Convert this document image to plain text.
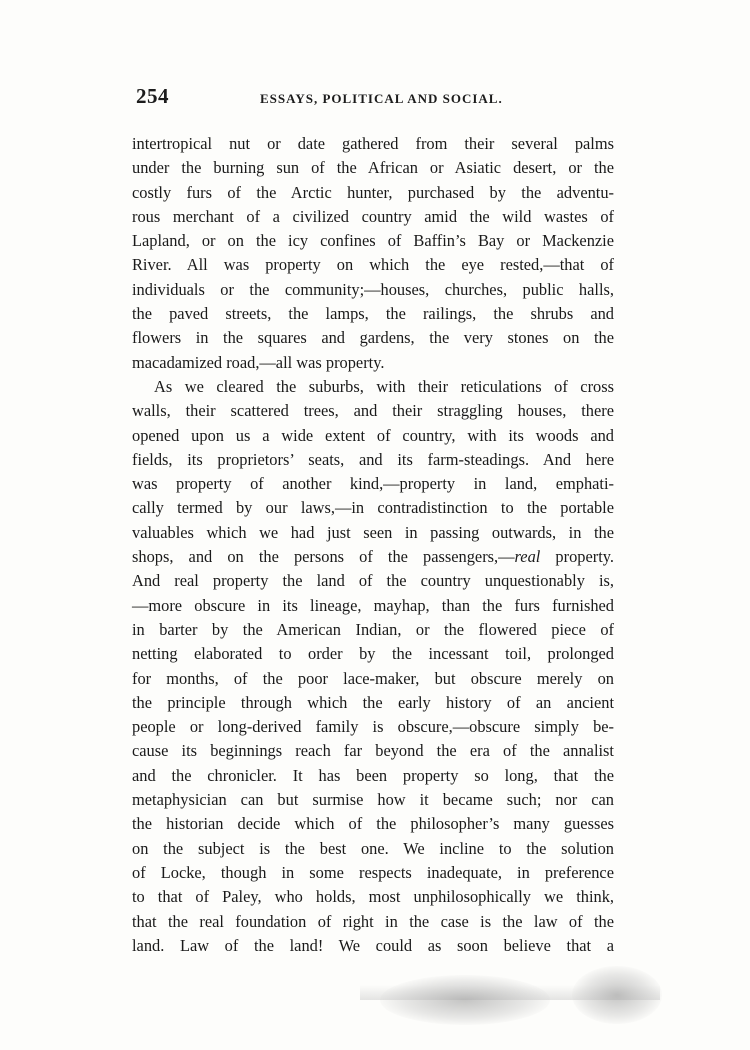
254	ESSAYS, POLITICAL AND SOCIAL.
intertropical nut or date gathered from their several palms
under the burning sun of the African or Asiatic desert, or the
costly furs of the Arctic hunter, purchased by the adventu-
rous merchant of a civilized country amid the wild wastes of
Lapland, or on the icy confines of Baffin’s Bay or Mackenzie
River. All was property on which the eye rested,—that of
individuals or the community;—houses, churches, public halls,
the paved streets, the lamps, the railings, the shrubs and
flowers in the squares and gardens, the very stones on the
macadamized road,—all was property.
As we cleared the suburbs, with their reticulations of cross
walls, their scattered trees, and their straggling houses, there
opened upon us a wide extent of country, with its woods and
fields, its proprietors’ seats, and its farm-steadings. And here
was property of another kind,—property in land, emphati-
cally termed by our laws,—in contradistinction to the portable
valuables which we had just seen in passing outwards, in the
shops, and on the persons of the passengers,—real property.
And real property the land of the country unquestionably is,
—more obscure in its lineage, mayhap, than the furs furnished
in barter by the American Indian, or the flowered piece of
netting elaborated to order by the incessant toil, prolonged
for months, of the poor lace-maker, but obscure merely on
the principle through which the early history of an ancient
people or long-derived family is obscure,—obscure simply be-
cause its beginnings reach far beyond the era of the annalist
and the chronicler. It has been property so long, that the
metaphysician can but surmise how it became such; nor can
the historian decide which of the philosopher’s many guesses
on the subject is the best one. We incline to the solution
of Locke, though in some respects inadequate, in preference
to that of Paley, who holds, most unphilosophically we think,
that the real foundation of right in the case is the law of the
land. Law of the land! We could as soon believe that a
